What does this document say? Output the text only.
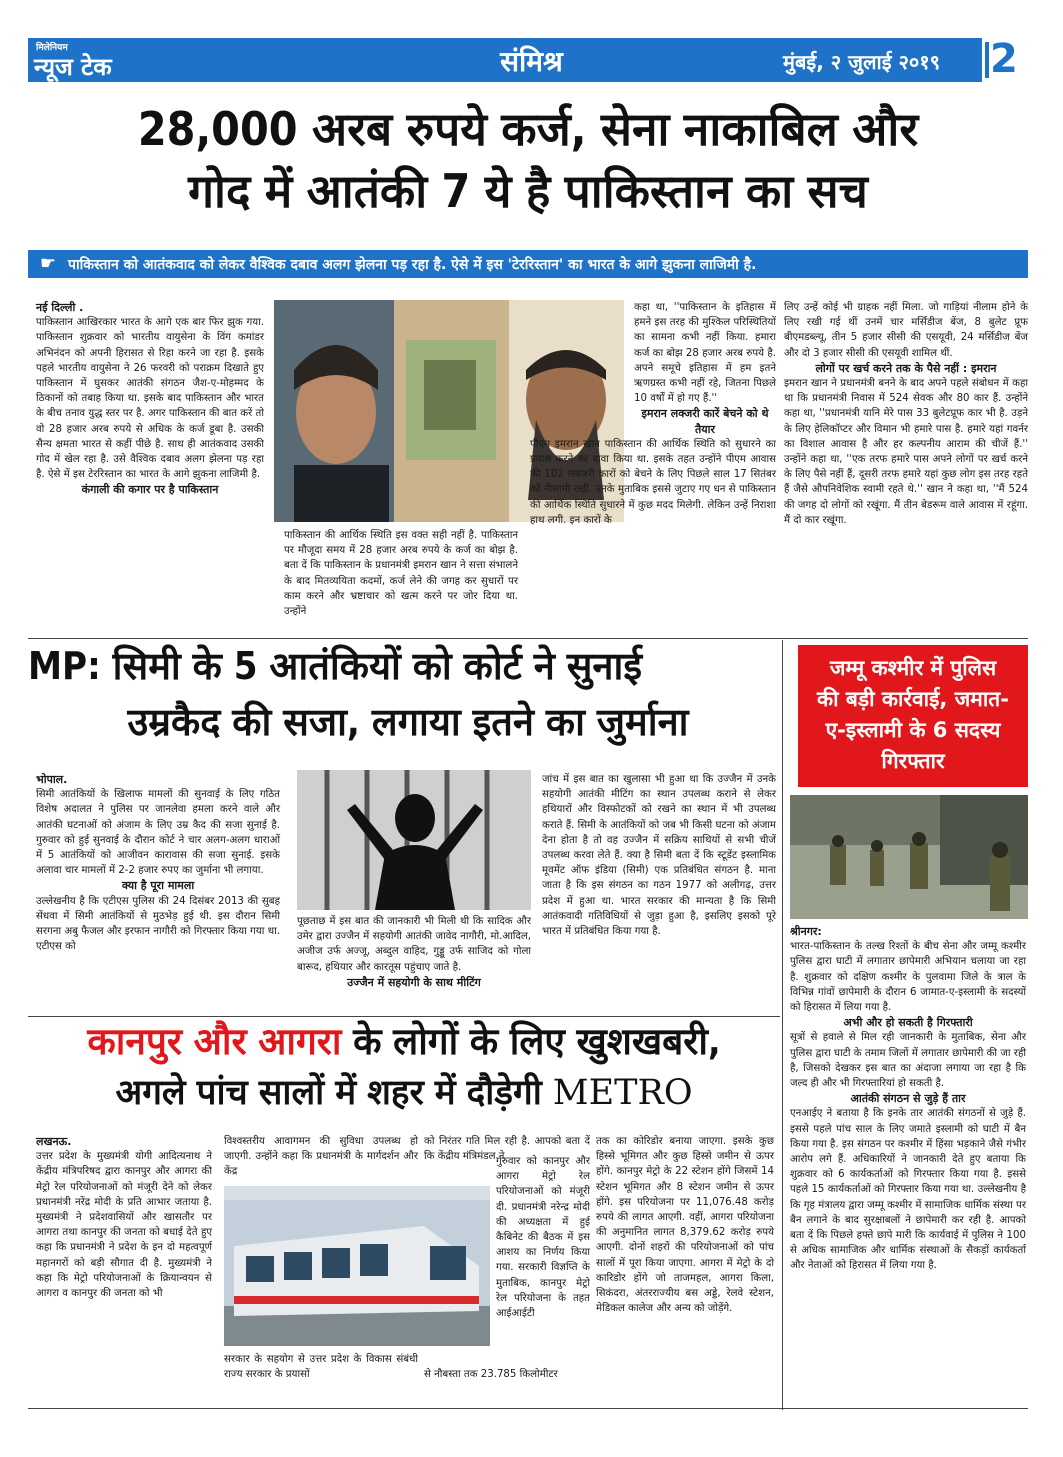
मिलेनियम
न्यूज टेक	संमिश्र	मुंबई, २ जुलाई २०१९ 2
28,000 अरब रुपये कर्ज, सेना नाकाबिल और
गोद में आतंकी 7 ये है पाकिस्तान का सच
☛ पाकिस्तान को आतंकवाद को लेकर वैश्विक दबाव अलग झेलना पड़ रहा है. ऐसे में इस 'टेररिस्तान' का भारत के आगे झुकना लाजिमी है.

नई दिल्ली .

पाकिस्तान आखिरकार भारत के आगे एक बार फिर झुक गया. पाकिस्तान शुक्रवार को भारतीय वायुसेना के विंग कमांडर अभिनंदन को अपनी हिरासत से रिहा करने जा रहा है. इसके पहले भारतीय वायुसेना ने 26 फरवरी को पराक्रम दिखाते हुए पाकिस्तान में घुसकर आतंकी संगठन जैश-ए-मोहम्मद के ठिकानों को तबाह किया था. इसके बाद पाकिस्तान और भारत के बीच तनाव युद्ध स्तर पर है. अगर पाकिस्तान की बात करें तो वो 28 हजार अरब रुपये से अधिक के कर्ज डूबा है. उसकी सैन्य क्षमता भारत से कहीं पीछे है. साथ ही आतंकवाद उसकी गोद में खेल रहा है. उसे वैश्विक दबाव अलग झेलना पड़ रहा है. ऐसे में इस टेररिस्तान का भारत के आगे झुकना लाजिमी है.

कंगाली की कगार पर है पाकिस्तान

पाकिस्तान की आर्थिक स्थिति इस वक्त सही नहीं है. पाकिस्तान पर मौजूदा समय में 28 हजार अरब रुपये के कर्ज का बोझ है. बता दें कि पाकिस्तान के प्रधानमंत्री इमरान खान ने सत्ता संभालने के बाद मितव्ययिता कदमों, कर्ज लेने की जगह कर सुधारों पर काम करने और भ्रष्टाचार को खत्म करने पर जोर दिया था. उन्होंने

कहा था, ''पाकिस्तान के इतिहास में हमने इस तरह की मुश्किल परिस्थितियों का सामना कभी नहीं किया. हमारा कर्ज का बोझ 28 हजार अरब रुपये है. अपने समूचे इतिहास में हम इतने ऋणग्रस्त कभी नहीं रहे, जितना पिछले 10 वर्षों में हो गए हैं.''

इमरान लक्जरी कारें बेचने को थे तैयार

पीएम इमरान खान पाकिस्तान की आर्थिक स्थिति को सुधारने का प्रयास करने का दावा किया था. इसके तहत उन्होंने पीएम आवास की 102 लक्जरी कारों को बेचने के लिए पिछले साल 17 सितंबर को नीलामी रखी. उनके मुताबिक इससे जुटाए गए धन से पाकिस्तान की आर्थिक स्थिति सुधारने में कुछ मदद मिलेगी. लेकिन उन्हें निराशा हाथ लगी. इन कारों के

लिए उन्हें कोई भी ग्राहक नहीं मिला. जो गाड़ियां नीलाम होने के लिए रखी गई थीं उनमें चार मर्सिडीज बेंज, 8 बुलेट प्रूफ बीएमडब्ल्यू, तीन 5 हजार सीसी की एसयूवी, 24 मर्सिडीज बेंज और दो 3 हजार सीसी की एसयूवी शामिल थीं.

लोगों पर खर्च करने तक के पैसे नहीं : इमरान

इमरान खान ने प्रधानमंत्री बनने के बाद अपने पहले संबोधन में कहा था कि प्रधानमंत्री निवास में 524 सेवक और 80 कार हैं. उन्होंने कहा था, ''प्रधानमंत्री यानि मेरे पास 33 बुलेटप्रूफ कार भी है. उड़ने के लिए हेलिकॉप्टर और विमान भी हमारे पास है. हमारे यहां गवर्नर का विशाल आवास है और हर कल्पनीय आराम की चीजें हैं.'' उन्होंने कहा था, ''एक तरफ हमारे पास अपने लोगों पर खर्च करने के लिए पैसे नहीं हैं, दूसरी तरफ हमारे यहां कुछ लोग इस तरह रहते हैं जैसे औपनिवेशिक स्वामी रहते थे.'' खान ने कहा था, ''मैं 524 की जगह दो लोगों को रखूंगा. मैं तीन बेडरूम वाले आवास में रहूंगा. मैं दो कार रखूंगा.

MP: सिमी के 5 आतंकियों को कोर्ट ने सुनाई
उम्रकैद की सजा, लगाया इतने का जुर्माना
जम्मू कश्मीर में पुलिस
की बड़ी कार्रवाई, जमात-
ए-इस्लामी के 6 सदस्य
गिरफ्तार

भोपाल.

सिमी आतंकियों के खिलाफ मामलों की सुनवाई के लिए गठित विशेष अदालत ने पुलिस पर जानलेवा हमला करने वाले और आतंकी घटनाओं को अंजाम के लिए उम्र कैद की सजा सुनाई है. गुरुवार को हुई सुनवाई के दौरान कोर्ट ने चार अलग-अलग धाराओं में 5 आतंकियों को आजीवन कारावास की सजा सुनाई. इसके अलावा चार मामलों में 2-2 हजार रुपए का जुर्माना भी लगाया.

क्या है पूरा मामला

उल्लेखनीय है कि एटीएस पुलिस की 24 दिसंबर 2013 की सुबह सेंधवा में सिमी आतंकियों से मुठभेड़ हुई थी. इस दौरान सिमी सरगना अबु फैजल और इरफान नागौरी को गिरफ्तार किया गया था. एटीएस को

पूछताछ में इस बात की जानकारी भी मिली थी कि सादिक और उमेर द्वारा उज्जैन में सहयोगी आतंकी जावेद नागौरी, मो.आदिल, अजीज उर्फ अज्जू, अब्दुल वाहिद, गुड्डू उर्फ साजिद को गोला बारूद, हथियार और कारतूस पहुंचाए जाते है.

उज्जैन में सहयोगी के साथ मीटिंग

जांच में इस बात का खुलासा भी हुआ था कि उज्जैन में उनके सहयोगी आतंकी मीटिंग का स्थान उपलब्ध कराने से लेकर हथियारों और विस्फोटकों को रखने का स्थान में भी उपलब्ध कराते हैं. सिमी के आतंकियों को जब भी किसी घटना को अंजाम देना होता है तो वह उज्जैन में सक्रिय साथियों से सभी चीजें उपलब्ध करवा लेते हैं. क्या है सिमी बता दें कि स्टूडेंट इस्लामिक मूवमेंट ऑफ इंडिया (सिमी) एक प्रतिबंधित संगठन है. माना जाता है कि इस संगठन का गठन 1977 को अलीगढ़, उत्तर प्रदेश में हुआ था. भारत सरकार की मान्यता है कि सिमी आतंकवादी गतिविधियों से जुड़ा हुआ है, इसलिए इसको पूरे भारत में प्रतिबंधित किया गया है.	श्रीनगर:

भारत-पाकिस्तान के तल्ख रिश्तों के बीच सेना और जम्मू कश्मीर पुलिस द्वारा घाटी में लगातार छापेमारी अभियान चलाया जा रहा है. शुक्रवार को दक्षिण कश्मीर के पुलवामा जिले के त्राल के विभिन्न गांवों छापेमारी के दौरान 6 जामात-ए-इस्लामी के सदस्यों को हिरासत में लिया गया है.

अभी और हो सकती है गिरफ्तारी

सूत्रों से हवाले से मिल रही जानकारी के मुताबिक, सेना और पुलिस द्वारा घाटी के तमाम जिलों में लगातार छापेमारी की जा रही है, जिसको देखकर इस बात का अंदाजा लगाया जा रहा है कि जल्द ही और भी गिरफ्तारियां हो सकती है.

आतंकी संगठन से जुड़े हैं तार

एनआईए ने बताया है कि इनके तार आतंकी संगठनों से जुड़े हैं. इससे पहले पांच साल के लिए जमाते इस्लामी को घाटी में बैन किया गया है. इस संगठन पर कश्मीर में हिंसा भड़काने जैसे गंभीर आरोप लगे हैं. अधिकारियों ने जानकारी देते हुए बताया कि शुक्रवार को 6 कार्यकर्ताओं को गिरफ्तार किया गया है. इससे पहले 15 कार्यकर्ताओं को गिरफ्तार किया गया था. उल्लेखनीय है कि गृह मंत्रालय द्वारा जम्मू कश्मीर में सामाजिक धार्मिक संस्था पर बैन लगाने के बाद सुरक्षाबलों ने छापेमारी कर रही है. आपको बता दें कि पिछले हफ्ते छापे मारी कि कार्यवाई में पुलिस ने 100 से अधिक सामाजिक और धार्मिक संस्थाओं के सैकड़ों कार्यकर्ता और नेताओं को हिरासत में लिया गया है.

कानपुर और आगरा के लोगों के लिए खुशखबरी,
अगले पांच सालों में शहर में दौड़ेगी METRO

लखनऊ.

उत्तर प्रदेश के मुख्यमंत्री योगी आदित्यनाथ ने केंद्रीय मंत्रिपरिषद द्वारा कानपुर और आगरा की मेट्रो रेल परियोजनाओं को मंजूरी देने को लेकर प्रधानमंत्री नरेंद्र मोदी के प्रति आभार जताया है. मुख्यमंत्री ने प्रदेशवासियों और खासतौर पर आगरा तथा कानपुर की जनता को बधाई देते हुए कहा कि प्रधानमंत्री ने प्रदेश के इन दो महत्वपूर्ण महानगरों को बड़ी सौगात दी है. मुख्यमंत्री ने कहा कि मेट्रो परियोजनाओं के क्रियान्वयन से आगरा व कानपुर की जनता को भी

विश्वस्तरीय आवागमन की सुविधा उपलब्ध हो जाएगी. उन्होंने कहा कि प्रधानमंत्री के मार्गदर्शन और केंद्र

को निरंतर गति मिल रही है. आपको बता दें कि केंद्रीय मंत्रिमंडल ने

गुरुवार को कानपुर और आगरा मेट्रो रेल परियोजनाओं को मंजूरी दी. प्रधानमंत्री नरेन्द्र मोदी की अध्यक्षता में हुई कैबिनेट की बैठक में इस आशय का निर्णय किया गया. सरकारी विज्ञप्ति के मुताबिक, कानपुर मेट्रो रेल परियोजना के तहत आईआईटी

सरकार के सहयोग से उत्तर प्रदेश के विकास संबंधी राज्य सरकार के प्रयासों	से नौबस्ता तक 23.785 किलोमीटर

तक का कोरिडोर बनाया जाएगा. इसके कुछ हिस्से भूमिगत और कुछ हिस्से जमीन से ऊपर होंगे. कानपुर मेट्रो के 22 स्टेशन होंगे जिसमें 14 स्टेशन भूमिगत और 8 स्टेशन जमीन से ऊपर होंगे. इस परियोजना पर 11,076.48 करोड़ रुपये की लागत आएगी. वहीं, आगरा परियोजना की अनुमानित लागत 8,379.62 करोड़ रुपये आएगी. दोनों शहरों की परियोजनाओं को पांच सालों में पूरा किया जाएगा. आगरा में मेट्रो के दो कारिडोर होंगे जो ताजमहल, आगरा किला, सिकंदरा, अंतरराज्यीय बस अड्डे, रेलवे स्टेशन, मेडिकल कालेज और अन्य को जोड़ेंगे.
